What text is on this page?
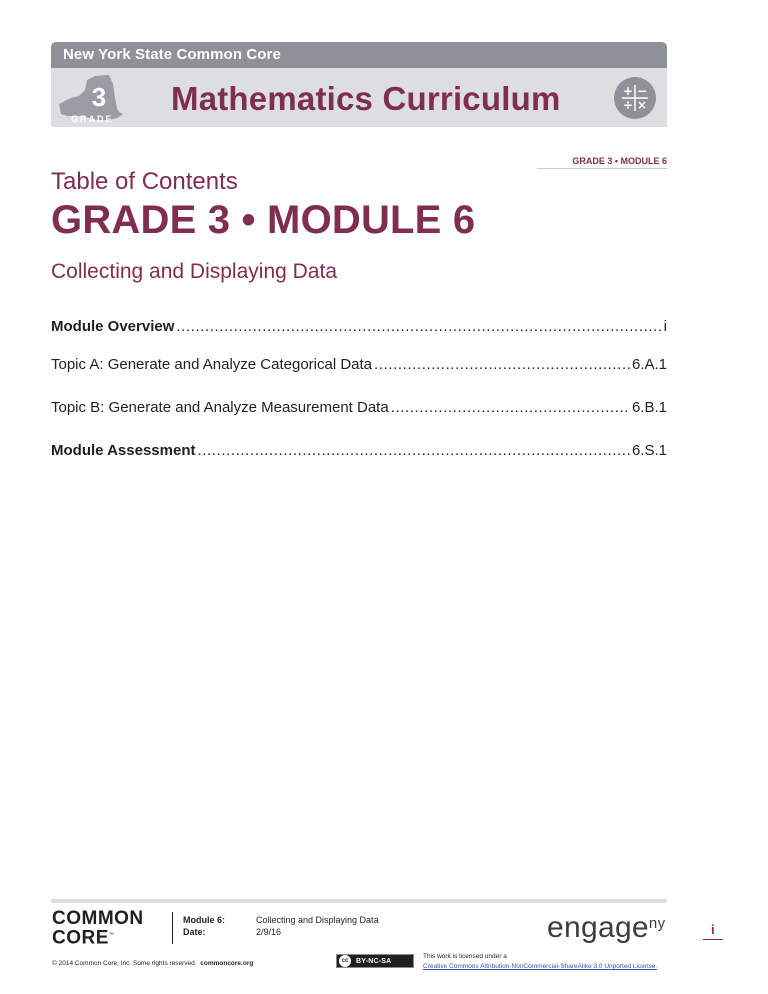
New York State Common Core
3
GRADE
Mathematics Curriculum	+ −
÷ ×
GRADE 3 • MODULE 6
Table of Contents
GRADE 3 • MODULE 6
Collecting and Displaying Data
Module Overview .....	i
Topic A: Generate and Analyze Categorical Data .....	6.A.1
Topic B: Generate and Analyze Measurement Data .....	6.B.1
Module Assessment .....	6.S.1
COMMON
CORE™
Module 6:	Collecting and Displaying Data
Date:	2/9/16	engage$^{ny}$	i
© 2014 Common Core, Inc. Some rights reserved. commoncore.org	cc	BY-NC-SA
This work is licensed under a
Creative Commons Attribution-NonCommercial-ShareAlike 3.0 Unported License.
